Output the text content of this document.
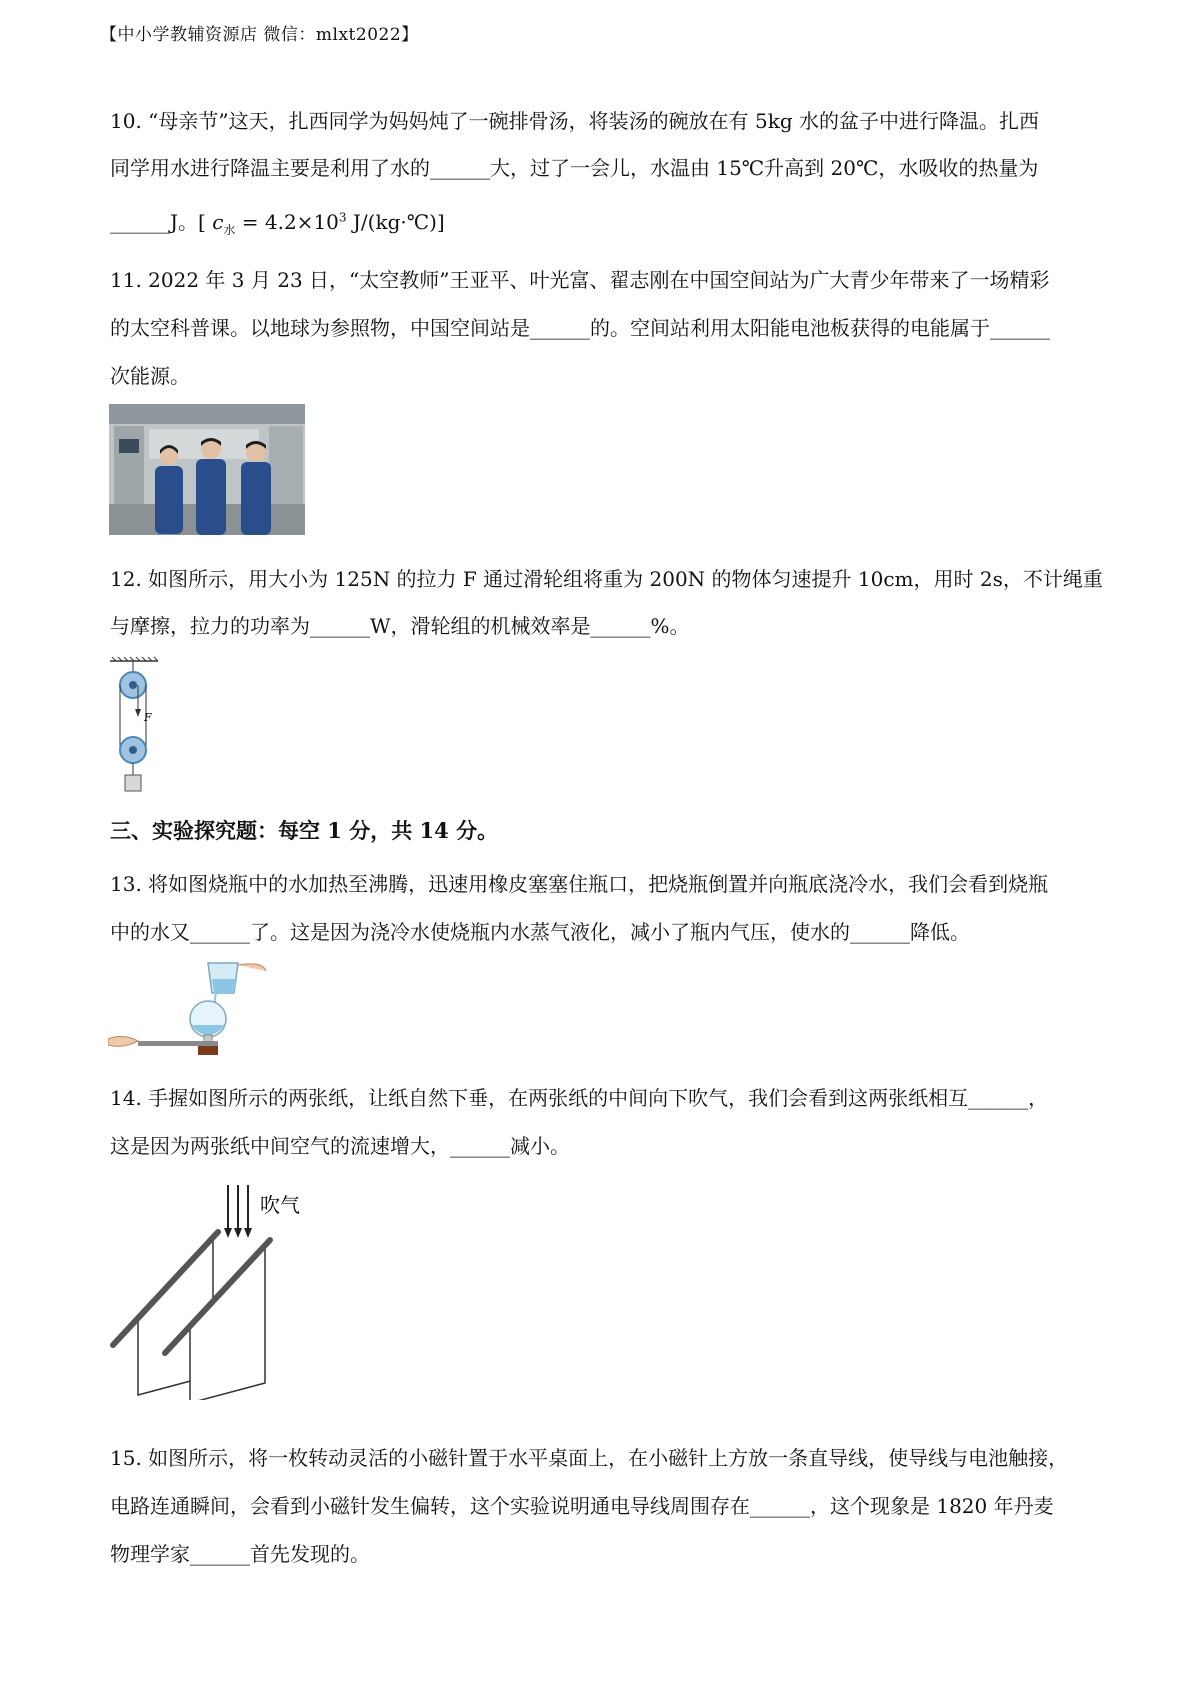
【中小学教辅资源店 微信：mlxt2022】
10. “母亲节”这天，扎西同学为妈妈炖了一碗排骨汤，将装汤的碗放在有 5kg 水的盆子中进行降温。扎西
同学用水进行降温主要是利用了水的______大，过了一会儿，水温由 15℃升高到 20℃，水吸收的热量为
______J。[ $c_水 = 4.2\times 10^3$ J/(kg·℃)]
11. 2022 年 3 月 23 日，“太空教师”王亚平、叶光富、翟志刚在中国空间站为广大青少年带来了一场精彩
的太空科普课。以地球为参照物，中国空间站是______的。空间站利用太阳能电池板获得的电能属于______
次能源。
12. 如图所示，用大小为 125N 的拉力 F 通过滑轮组将重为 200N 的物体匀速提升 10cm，用时 2s，不计绳重
与摩擦，拉力的功率为______W，滑轮组的机械效率是______%。
F
三、实验探究题：每空 1 分，共 14 分。
13. 将如图烧瓶中的水加热至沸腾，迅速用橡皮塞塞住瓶口，把烧瓶倒置并向瓶底浇冷水，我们会看到烧瓶
中的水又______了。这是因为浇冷水使烧瓶内水蒸气液化，减小了瓶内气压，使水的______降低。
14. 手握如图所示的两张纸，让纸自然下垂，在两张纸的中间向下吹气，我们会看到这两张纸相互______，
这是因为两张纸中间空气的流速增大，______减小。
吹气
15. 如图所示，将一枚转动灵活的小磁针置于水平桌面上，在小磁针上方放一条直导线，使导线与电池触接，
电路连通瞬间，会看到小磁针发生偏转，这个实验说明通电导线周围存在______，这个现象是 1820 年丹麦
物理学家______首先发现的。
